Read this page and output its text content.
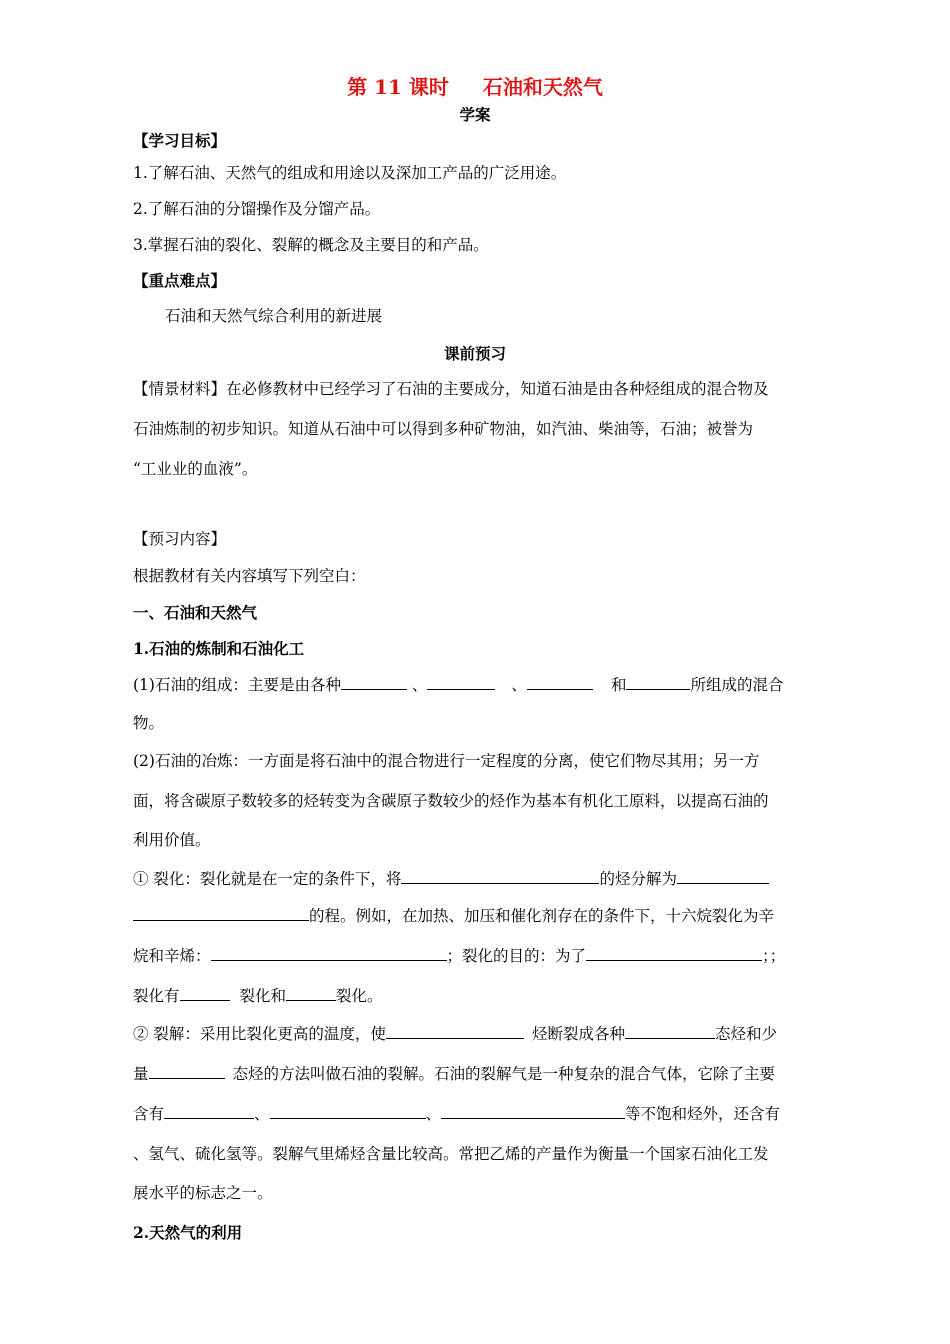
第 11 课时 石油和天然气
学案
【学习目标】
1.了解石油、天然气的组成和用途以及深加工产品的广泛用途。
2.了解石油的分馏操作及分馏产品。
3.掌握石油的裂化、裂解的概念及主要目的和产品。
【重点难点】
石油和天然气综合利用的新进展
课前预习
【情景材料】在必修教材中已经学习了石油的主要成分，知道石油是由各种烃组成的混合物及
石油炼制的初步知识。知道从石油中可以得到多种矿物油，如汽油、柴油等，石油；被誉为
“工业业的血液”。
【预习内容】
根据教材有关内容填写下列空白：
一、石油和天然气
1.石油的炼制和石油化工
(1)石油的组成：主要是由各种	、	、	和	所组成的混合
物。
(2)石油的冶炼：一方面是将石油中的混合物进行一定程度的分离，使它们物尽其用；另一方
面，将含碳原子数较多的烃转变为含碳原子数较少的烃作为基本有机化工原料，以提高石油的
利用价值。
① 裂化：裂化就是在一定的条件下，将	的烃分解为
的程。例如，在加热、加压和催化剂存在的条件下，十六烷裂化为辛
烷和辛烯：	；裂化的目的：为了	；；
裂化有	裂化和	裂化。
② 裂解：采用比裂化更高的温度，使	烃断裂成各种	态烃和少
量	态烃的方法叫做石油的裂解。石油的裂解气是一种复杂的混合气体，它除了主要
含有	、	、	等不饱和烃外，还含有
、氢气、硫化氢等。裂解气里烯烃含量比较高。常把乙烯的产量作为衡量一个国家石油化工发
展水平的标志之一。
2.天然气的利用
